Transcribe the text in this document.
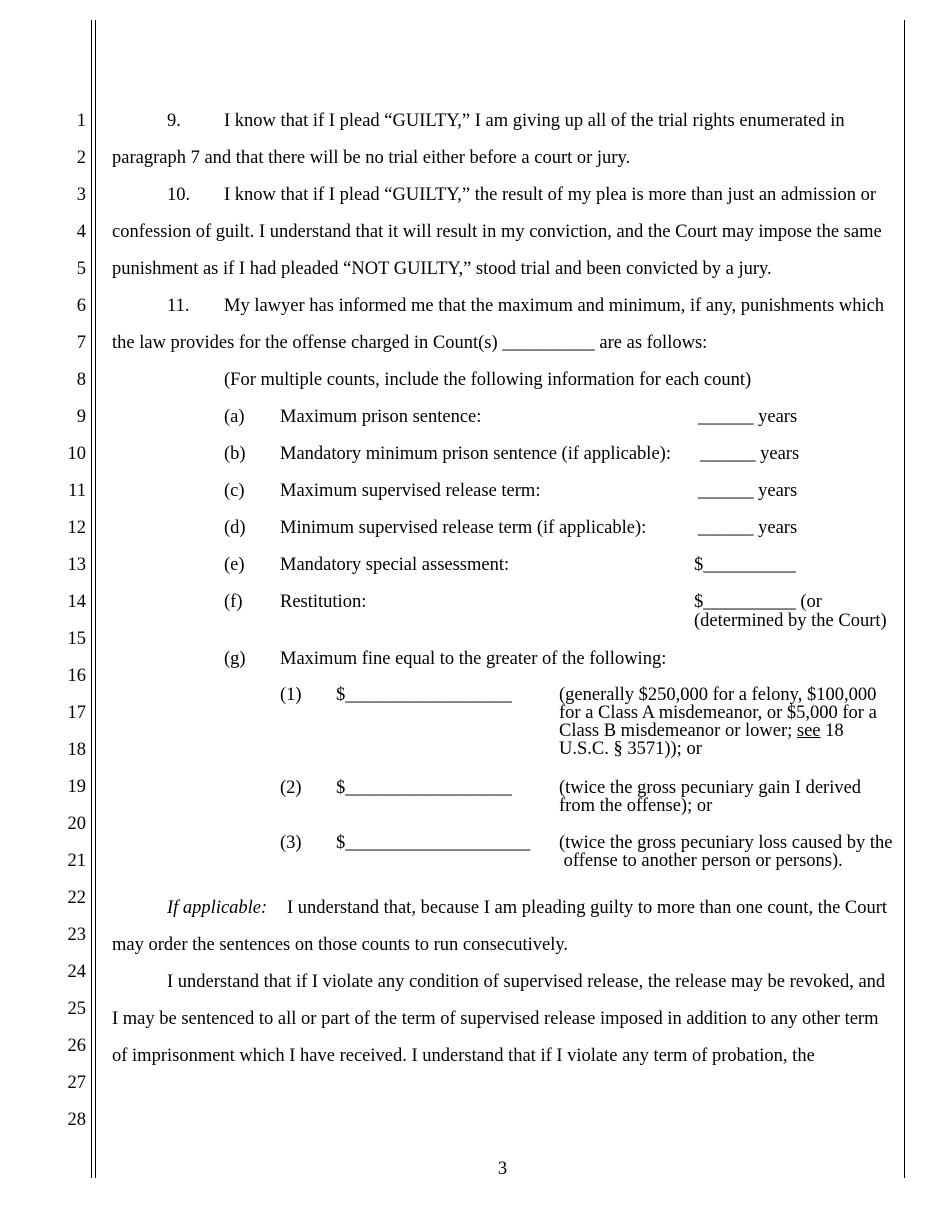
1
2
3
4
5
6
7
8
9
10
11
12
13
14
15
16
17
18
19
20
21
22
23
24
25
26
27
28
9. I know that if I plead “GUILTY,” I am giving up all of the trial rights enumerated in
paragraph 7 and that there will be no trial either before a court or jury.
10. I know that if I plead “GUILTY,” the result of my plea is more than just an admission or
confession of guilt. I understand that it will result in my conviction, and the Court may impose the same
punishment as if I had pleaded “NOT GUILTY,” stood trial and been convicted by a jury.
11. My lawyer has informed me that the maximum and minimum, if any, punishments which
the law provides for the offense charged in Count(s) __________ are as follows:
(For multiple counts, include the following information for each count)
(a) Maximum prison sentence:	______ years
(b) Mandatory minimum prison sentence (if applicable): ______ years
(c) Maximum supervised release term:	______ years
(d) Minimum supervised release term (if applicable):	______ years
(e) Mandatory special assessment:	$__________
(f) Restitution:	$__________ (or
(determined by the Court)
(g) Maximum fine equal to the greater of the following:
(1) $__________________	(generally $250,000 for a felony, $100,000
for a Class A misdemeanor, or $5,000 for a
Class B misdemeanor or lower; see 18
U.S.C. § 3571)); or
(2) $__________________	(twice the gross pecuniary gain I derived
from the offense); or
(3) $____________________ (twice the gross pecuniary loss caused by the
offense to another person or persons).
If applicable: I understand that, because I am pleading guilty to more than one count, the Court
may order the sentences on those counts to run consecutively.
I understand that if I violate any condition of supervised release, the release may be revoked, and
I may be sentenced to all or part of the term of supervised release imposed in addition to any other term
of imprisonment which I have received. I understand that if I violate any term of probation, the
3
